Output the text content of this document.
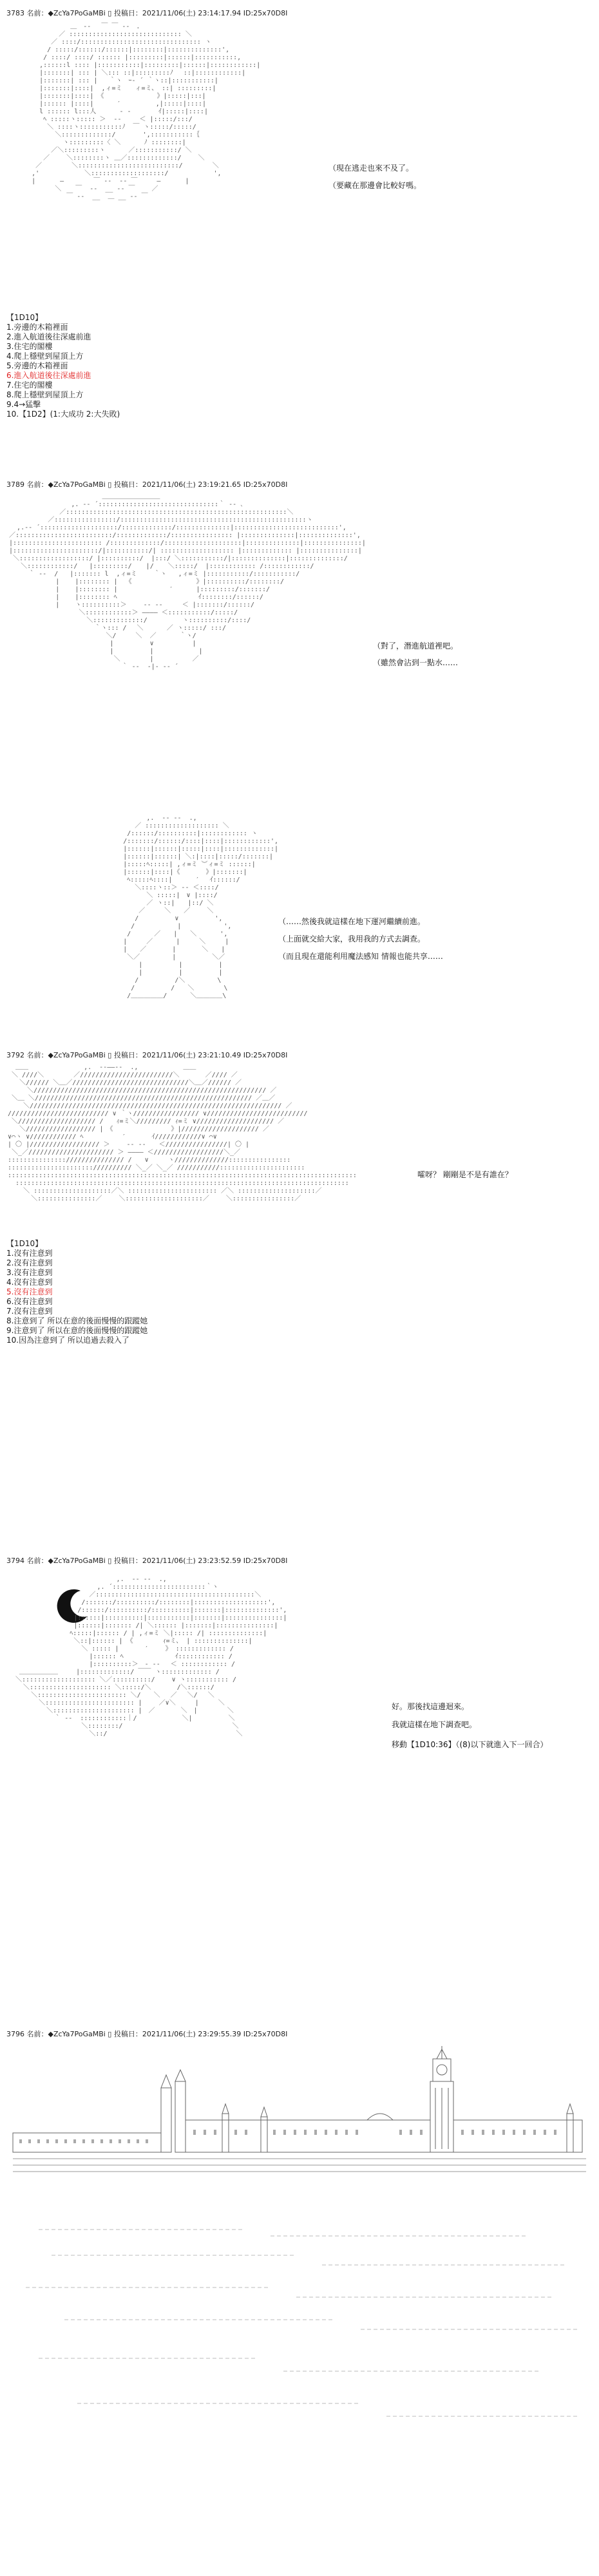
3783 名前：◆ZcYa7PoGaMBi ▯ 投稿日：2021/11/06(土) 23:14:17.94 ID:25x70D8I
＿　-‐ 　￣ ￣ ‐-　.
／ ::::::::::::::::::::::::::::: ＼
／ ::::/::::::::::::::::::::::::::::::: ヽ
/ :::::/::::::/::::::|::::::::|::::::::::::::',
/ ::::/ ::::/ :::::: |:::::::::|::::::|:::::::::::,
,::::::l :::: |:::::::::::|:::::::::|::::::|::::::::::::|
|:::::::| ::: | ＼::: ::|:::::::::ﾉ　 ::|::::::::::::|
|:::::::| ::: |   ｀ヽ　ｰ‐ ´ ｀ヽ::|:::::::::::|
|:::::::|::::|  ,ィ=ミ　　ィ=ミ、 ::| :::::::::|
|:::::::|::::| 《 　　　　　　　 》|:::::|:::|
|:::::: |::::|      ′         ,|:::::|::::|
l :::::: l:::人      ‐ ‐       ｲ|:::::|::::|
ﾍ :::::ヽ::::: ＞  ‐-  　 ＜ |:::::/:::/
＼ ::::ヽ:::::::::::ﾉ  ￣ ヽ:::::/:::::/
＼:::::::::::::/       ',:::::::::::｛
ヽ:::::::::〈 ＼      ﾉ ::::::::|
／＼:::::::::ヽ　　　 ／:::::::::::/ ＼
／　　 ＼::::::::ヽ ＿／:::::::::::::/　　 ＼
／　　　　 ＼::::::::::::::::::::::::::/　　　　 ＼
,'　　　　　　　＼:::::::::::::::::::/　　　　　　　',
|  　　 ―　　　　 ￣ ‐-  -‐ ￣　　　― 　　  |
＼　  ￣  ‐-  __ -‐ ￣　　 ／
￣ ‐-  __  ＿ __ -‐ ￣

（現在逃走也來不及了。
（要藏在那邊會比較好嗎。
【1D10】
1.旁邊的木箱裡面
2.進入航道後往深處前進
3.住宅的閣樓
4.爬上穩壁到屋頂上方
5.旁邊的木箱裡面
6.進入航道後往深處前進
7.住宅的閣樓
8.爬上穩壁到屋頂上方
9.4→猛擊
10.【1D2】(1:大成功 2:大失敗)
3789 名前：◆ZcYa7PoGaMBi ▯ 投稿日：2021/11/06(土) 23:19:21.65 ID:25x70D8I
＿＿＿＿＿＿＿＿＿
,. -‐ ´:::::::::::::::::::::::::::::::｀ ‐- ､
／:::::::::::::::::::::::::::::::::::::::::::::::::::::::::＼
／::::::::::::::::/::::::::::::::::::::::::::::::::::::::::::::::::ヽ
,.-‐ ´::::::::::::::::::::/:::::::::::::/::::::::::::::|:::::::::::::::::::::::::::',
／:::::::::::::::::::::::::/:::::::::::::/:::::::::::::::: |::::::::::::::|::::::::::::::',
|::::::::::::::::::::::: /:::::::::::::/::::::::::::::::::::|::::::::::::::|:::::::::::::::|
|::::::::::::::::::::::/|:::::::::::/| ::::::::::::::::::: |::::::::::::: |:::::::::::::::|
＼::::::::::::::::::/ |::::::::::/  |:::/ ＼:::::::::::/|::::::::::::::|::::::::::::::/
＼::::::::::::/   |:::::::::/ 　 |/ 　 ＼:::::/  |:::::::::::: /::::::::::::/
｀ ‐-  /   |::::::: l  ,ィ=ミ　　 ｀ヽ   ,ィ=ミ |:::::::::::/:::::::::::/
|    |:::::::: |  《　　　　　　　　　　》|::::::::::/::::::::/
|    |:::::::: |　　　　　　　　′　　　 |:::::::::/:::::::/
|    |:::::::: ﾍ　　　　　　　　　　　　 ｲ::::::::/::::::/
|    ヽ::::::::::＞　　 ‐- -‐　　　＜ |:::::::/::::::/
＼::::::::::::＞ ―――― ＜:::::::::::/:::::/
＼:::::::::::::/         ヽ::::::::::/::::/
｀ヽ::: /　 ＼      ／ ヽ:::::/ :::/
＼/　　　＼  ／　　　 ｀ヽ/
|　　　　　 ∨　　　　　　|
|　　　　　 |　　　　　　　|
＼　　　　 |　　　　　　／
｀ ‐-  ‐|‐ -‐ ´

（對了，潛進航道裡吧。
（雖然會沾到一點水……
,.  -‐ ‐-  .,
／ ::::::::::::::::::: ＼
/::::::/::::::::::|:::::::::::: ヽ
/:::::::/::::::/::::|::::|::::::::::::',
|::::::|::::::|:::::|::::|:::::::::::::|
|::::::|::::::| ＼:|::::|:::::/:::::::|
|:::::ﾍ:::::| ,ィ=ミ ︶ィ=ミ ::::::|
|::::::|::::|《　　　　》|:::::::|
ﾍ:::::ﾍ::::|　　　 ′　 ｲ::::::/
＼::::ヽ::＞ ‐‐ ＜::::/
＼ :::::|　∨ |::::/
／ ヽ::|　　|::/ ＼
／　　　＼　　／　　 ＼
/　　　　　 ∨　　　　　 ',
/　　　　　　 |　　　　　　 ',
/　　　 ／　　|　　＼　　　 ',
|　　　／　　　 |　　　＼　　　|
|　　／　　　　|　　　　＼　　|
＼／　　　　　|　　　　　 ＼／
|　　　　　 |　　　　　 |
|　　　　　 |　　　　　 |
/　　　　　 /＼　　　　　\
/　　　　　 /　　＼　　　　 \
/＿＿＿＿＿/　　　 ＼＿＿＿＿\

（……然後我就這樣在地下運河繼續前進。
（上面就交給大家，我用我的方式去調查。
（而且現在還能利用魔法感知 情報也能共享……
3792 名前：◆ZcYa7PoGaMBi ▯ 投稿日：2021/11/06(土) 23:21:10.49 ID:25x70D8I
＿＿　　　　　　　　 ,.  -‐――‐-  .,　　　　　　　＿＿
＼ ////＼　　　　 ／////////////////////////＼　　　　／//// ／
＼////// ＼＿／//////////////////////////////＼＿／////// ／
＼//////////////////////////////////////////////////////////// ／
＼＿ ＼//////////////////////////////////////////////////////// ／＿／
＼///////////////////////////////////////////////////////////////// ／
////////////////////////// ∨ ｀ヽ///////////////// ∨//////////////////////////
＼//////////////////// /　　ｨ=ミ＼///////// ｨ=ミ ∨//////////////////// ／
＼////////////////// |　《　　　　　　　　　》|//////////////////// ／
∨⌒ヽ ∨//////////// ﾍ　　　　　　′　　　　ｲ////////////∨ ⌒∨
| 〇 |////////////////// ＞　　 ‐- -‐　　＜////////////////| 〇 |
＼_／////////////////////// ＞ ―――― ＜//////////////////＼_／
::::::::::::::://///////////// /　　∨　　　ヽ//////////////::::::::::::::::
::::::::::::::::::::::////////// ＼_／ ＼_／ ///////////::::::::::::::::::::::
::::::::::::::::::::::::::::::::::::::::::::::::::::::::::::::::::::::::::::::::::::::::::
::::::::::::::::::::::::::::::::::::::::::::::::::::::::::::::::::::::::::::::::::::::
＼ ::::::::::::::::::::／＼ ::::::::::::::::::::::: ／＼ ::::::::::::::::::::／
＼:::::::::::::::／　　 ＼::::::::::::::::::::／　　 ＼::::::::::::::::／

嚯呀？ 剛剛是不是有誰在？
【1D10】
1.沒有注意到
2.沒有注意到
3.沒有注意到
4.沒有注意到
5.沒有注意到
6.沒有注意到
7.沒有注意到
8.注意到了 所以在意的後面慢慢的跟蹤她
9.注意到了 所以在意的後面慢慢的跟蹤她
10.因為注意到了 所以追過去殺入了
3794 名前：◆ZcYa7PoGaMBi ▯ 投稿日：2021/11/06(土) 23:23:52.59 ID:25x70D8I
,.  -‐ ‐-  .,
,. ´::::::::::::::::::::::::｀ヽ
／:::::::::::::::::::::::::::::::::::::::::＼
/:::::::/::::::::::/::::::::|:::::::::::::::::::',
/::::::/::::::::::/::::::::::|:::::::|::::::::::::::',
|::::::|::::::::::|:::::::::::|:::::::|:::::::::::::::|
|::::::|::::::: /| ＼:::::: |:::::::|:::::::::::::::|
ﾍ:::::|:::::: / | ,ィ=ミ ＼|::::: /| ::::::::::::::|
＼::|:::::: | 《　　　　 ｨ=ミ、 | ::::::::::::::|
＼ ::::: |　　　　′　　 》 ::::::::::::: /
|:::::: ﾍ　　　　　　　　ｲ:::::::::::: /
|::::::::::＞　‐ -‐　 ＜ :::::::::::: /
＿＿＿＿＿＿ 　  |:::::::::::::/ ￣￣ ヽ::::::::::::: /
＼::::::::::::::::::: ＼／::::::::::/　　 ∨ ヽ::::::::::: /
＼::::::::::::::::::::: ＼:::::/＼　　　　/＼::::::/
＼::::::::::::::::::::::: ＼/　　＼ 　／　 ＼/　 ＼
＼::::::::::::::::::::::: |　　 ／∨＼　　　|　　　＼
＼::::::::::::::::::::: |　／　　　　＼　|　　　　 ＼
｀ ‐-  ::::::::::::｜/　　　　　　　＼|　　　　　 ＼
＼::::::::/　　　　　　　　　　　　　　　　　＼
＼::/　　　　　　　　　　　　　　　　　　　　＼

好。那後找這邊迴來。
我就這樣在地下調查吧。
移動【1D10:36】（(8)以下就進入下一回合）
3796 名前：◆ZcYa7PoGaMBi ▯ 投稿日：2021/11/06(土) 23:29:55.39 ID:25x70D8I
